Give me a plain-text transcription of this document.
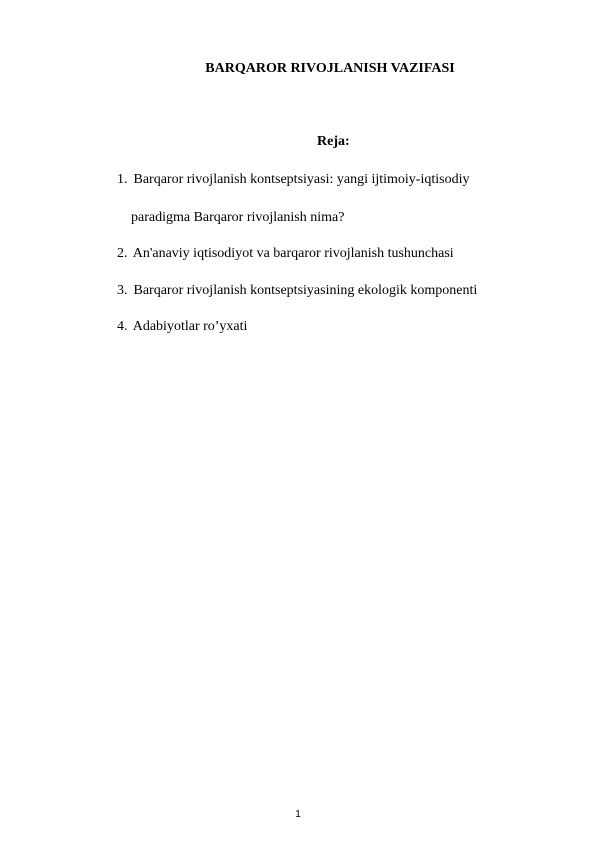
BARQAROR RIVOJLANISH VAZIFASI
Reja:
1. Barqaror rivojlanish kontseptsiyasi: yangi ijtimoiy-iqtisodiy
paradigma Barqaror rivojlanish nima?
2. An'anaviy iqtisodiyot va barqaror rivojlanish tushunchasi
3. Barqaror rivojlanish kontseptsiyasining ekologik komponenti
4. Adabiyotlar ro’yxati
1
